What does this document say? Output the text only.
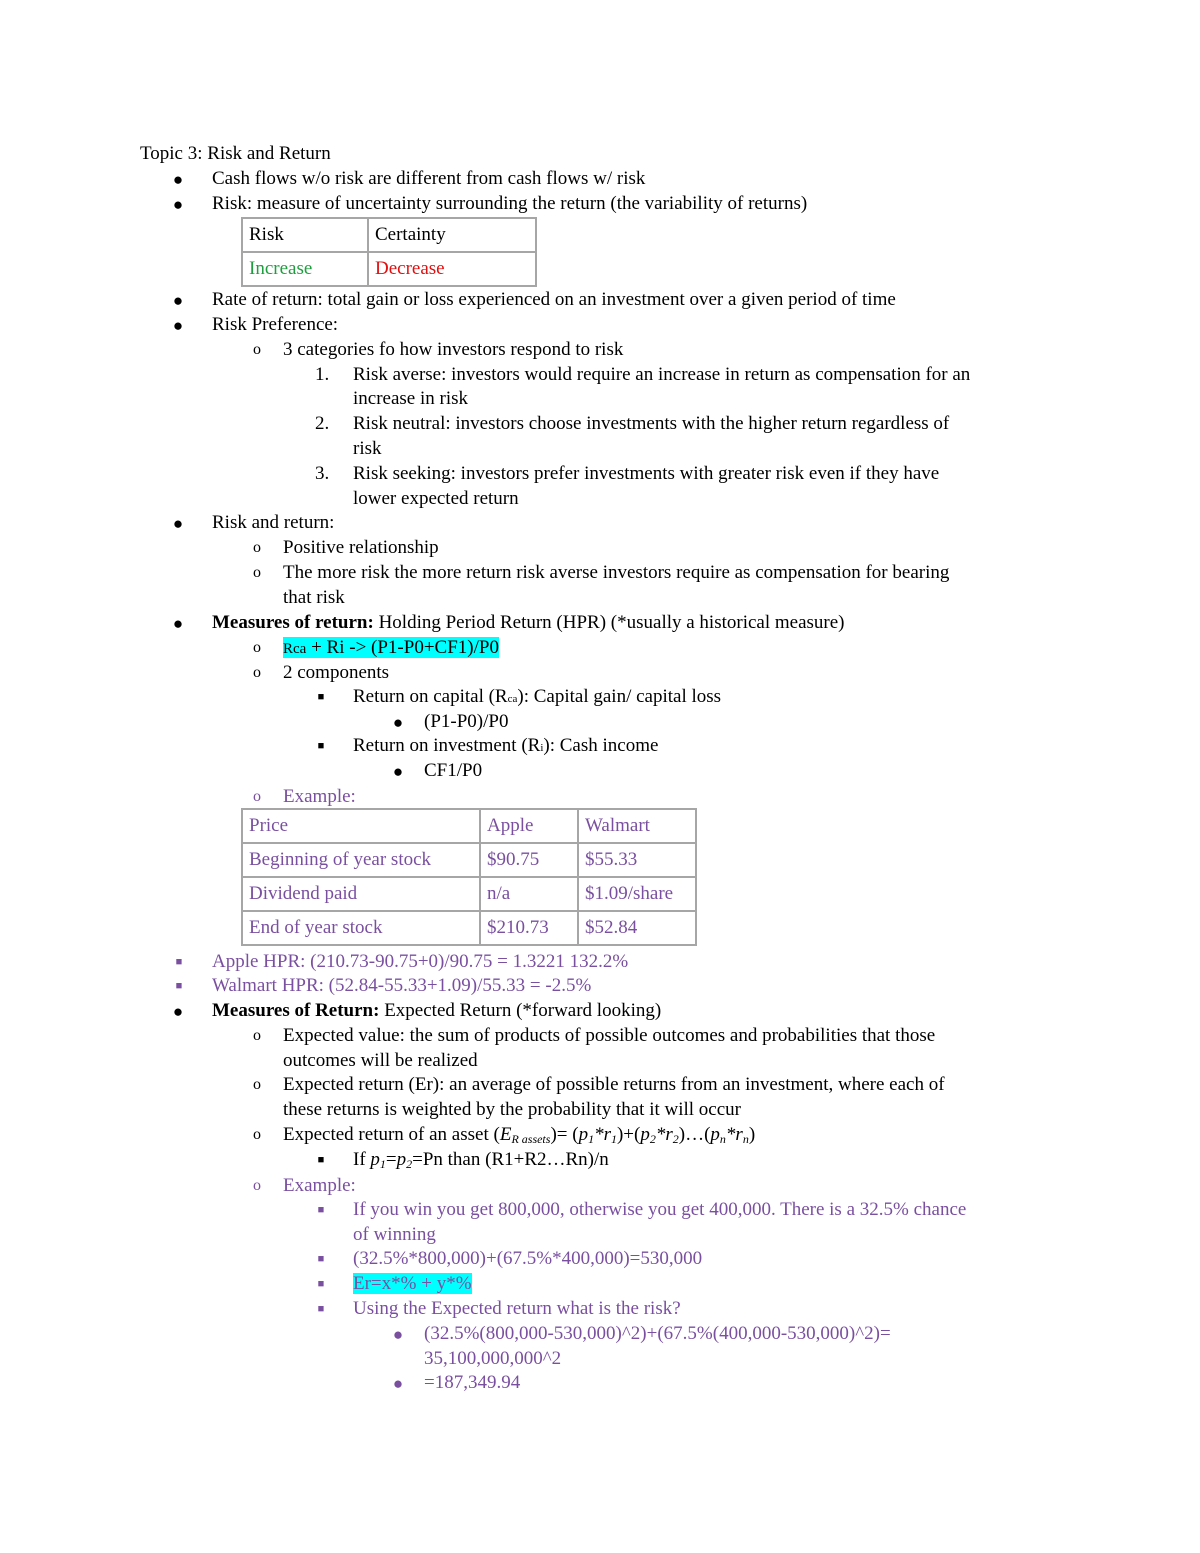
Topic 3: Risk and Return
●	Cash flows w/o risk are different from cash flows w/ risk
●	Risk: measure of uncertainty surrounding the return (the variability of returns)
Risk	Certainty
Increase	Decrease
●	Rate of return: total gain or loss experienced on an investment over a given period of time
●	Risk Preference:
o	3 categories fo how investors respond to risk
1. Risk averse: investors would require an increase in return as compensation for an
increase in risk
2. Risk neutral: investors choose investments with the higher return regardless of
risk
3. Risk seeking: investors prefer investments with greater risk even if they have
lower expected return
●	Risk and return:
o	Positive relationship
o	The more risk the more return risk averse investors require as compensation for bearing
that risk
●	Measures of return: Holding Period Return (HPR) (*usually a historical measure)
o	Rca + Ri -> (P1-P0+CF1)/P0
o	2 components
■	Return on capital (Rca): Capital gain/ capital loss
●	(P1-P0)/P0
■	Return on investment (Ri): Cash income
●	CF1/P0
o	Example:
Price	Apple	Walmart
Beginning of year stock	$90.75	$55.33
Dividend paid	n/a	$1.09/share
End of year stock	$210.73	$52.84
■	Apple HPR: (210.73-90.75+0)/90.75 = 1.3221 132.2%
■	Walmart HPR: (52.84-55.33+1.09)/55.33 = -2.5%
●	Measures of Return: Expected Return (*forward looking)
o	Expected value: the sum of products of possible outcomes and probabilities that those
outcomes will be realized
o	Expected return (Er): an average of possible returns from an investment, where each of
these returns is weighted by the probability that it will occur
o	Expected return of an asset $(E_{R assets})=$ $(p_1*r_1)+(p_2*r_2)\dots(p_n*r_n)$
■	If $p_1=p_2=Pn$ than (R1+R2…Rn)/n
o	Example:
■	If you win you get 800,000, otherwise you get 400,000. There is a 32.5% chance
of winning
■	(32.5%*800,000)+(67.5%*400,000)=530,000
■	Er=x*% + y*%
■	Using the Expected return what is the risk?
●	(32.5%(800,000-530,000)^2)+(67.5%(400,000-530,000)^2)=
35,100,000,000^2
●	=187,349.94
